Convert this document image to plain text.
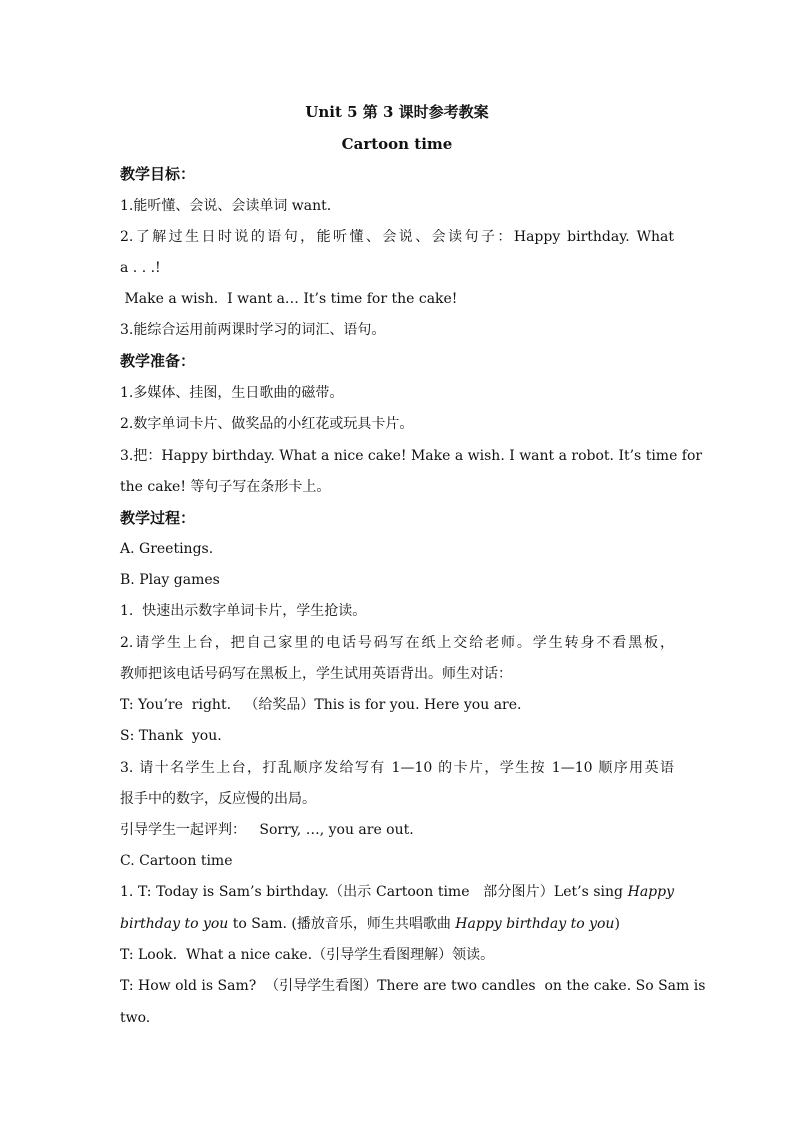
Unit 5 第 3 课时参考教案
Cartoon time
教学目标：
1.能听懂、会说、会读单词 want.
2.了解过生日时说的语句，能听懂、会说、会读句子：Happy birthday. What
a . . .!
Make a wish.  I want a… It’s time for the cake!
3.能综合运用前两课时学习的词汇、语句。
教学准备：
1.多媒体、挂图，生日歌曲的磁带。
2.数字单词卡片、做奖品的小红花或玩具卡片。
3.把：Happy birthday. What a nice cake! Make a wish. I want a robot. It’s time for
the cake! 等句子写在条形卡上。
教学过程：
A. Greetings.
B. Play games
1.  快速出示数字单词卡片，学生抢读。
2.请学生上台，把自己家里的电话号码写在纸上交给老师。学生转身不看黑板，
教师把该电话号码写在黑板上，学生试用英语背出。师生对话：
T: You’re  right.   （给奖品）This is for you. Here you are.
S: Thank  you.
3. 请十名学生上台，打乱顺序发给写有 1—10 的卡片，学生按 1—10 顺序用英语
报手中的数字，反应慢的出局。
引导学生一起评判：   Sorry, …, you are out.
C. Cartoon time
1. T: Today is Sam’s birthday.（出示 Cartoon time   部分图片）Let’s sing Happy
birthday to you to Sam. (播放音乐，师生共唱歌曲 Happy birthday to you)
T: Look.  What a nice cake.（引导学生看图理解）领读。
T: How old is Sam?  （引导学生看图）There are two candles  on the cake. So Sam is
two.
